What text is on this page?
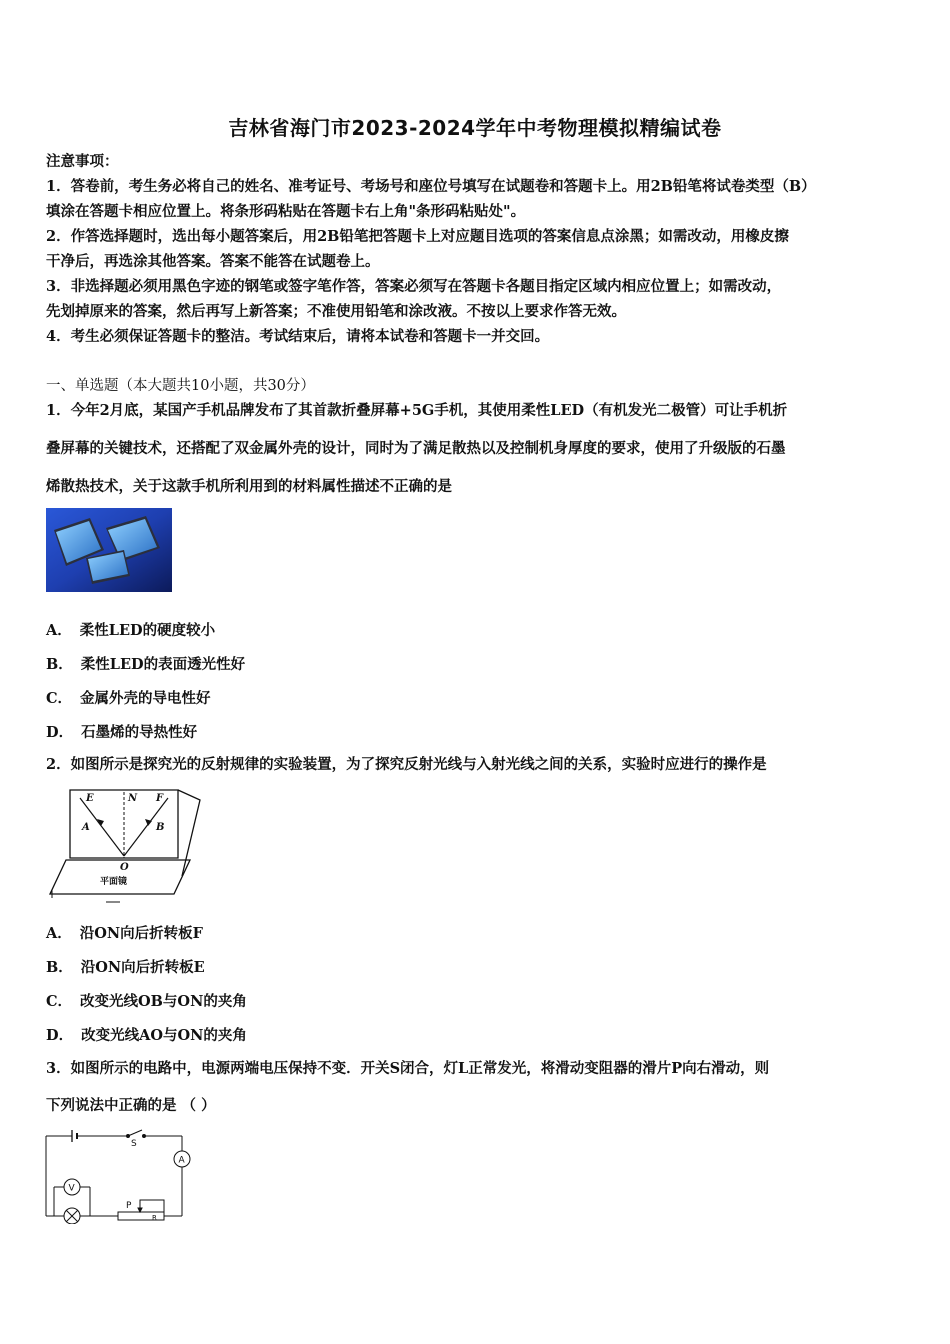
吉林省海门市2023-2024学年中考物理模拟精编试卷
注意事项：
1．答卷前，考生务必将自己的姓名、准考证号、考场号和座位号填写在试题卷和答题卡上。用2B铅笔将试卷类型（B）
填涂在答题卡相应位置上。将条形码粘贴在答题卡右上角"条形码粘贴处"。
2．作答选择题时，选出每小题答案后，用2B铅笔把答题卡上对应题目选项的答案信息点涂黑；如需改动，用橡皮擦
干净后，再选涂其他答案。答案不能答在试题卷上。
3．非选择题必须用黑色字迹的钢笔或签字笔作答，答案必须写在答题卡各题目指定区域内相应位置上；如需改动，
先划掉原来的答案，然后再写上新答案；不准使用铅笔和涂改液。不按以上要求作答无效。
4．考生必须保证答题卡的整洁。考试结束后，请将本试卷和答题卡一并交回。
一、单选题（本大题共10小题，共30分）
1．今年2月底，某国产手机品牌发布了其首款折叠屏幕+5G手机，其使用柔性LED（有机发光二极管）可让手机折
叠屏幕的关键技术，还搭配了双金属外壳的设计，同时为了满足散热以及控制机身厚度的要求，使用了升级版的石墨
烯散热技术，关于这款手机所利用到的材料属性描述不正确的是
A． 柔性LED的硬度较小
B． 柔性LED的表面透光性好
C． 金属外壳的导电性好
D． 石墨烯的导热性好
2．如图所示是探究光的反射规律的实验装置，为了探究反射光线与入射光线之间的关系，实验时应进行的操作是
E	N F
A	B
O
平面镜
A． 沿ON向后折转板F
B． 沿ON向后折转板E
C． 改变光线OB与ON的夹角
D． 改变光线AO与ON的夹角
3．如图所示的电路中，电源两端电压保持不变．开关S闭合，灯L正常发光，将滑动变阻器的滑片P向右滑动，则
下列说法中正确的是 （ ）
S
A
V
P
R
